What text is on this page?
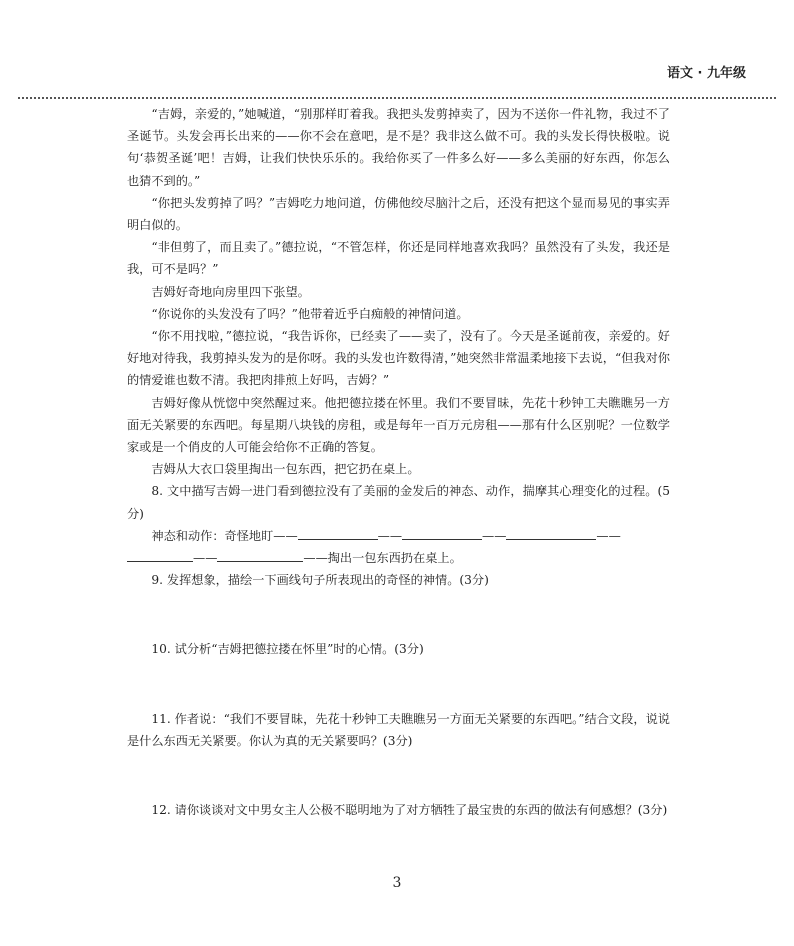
语文 · 九年级

“吉姆，亲爱的，”她喊道，“别那样盯着我。我把头发剪掉卖了，因为不送你一件礼物，我过不了圣诞节。头发会再长出来的——你不会在意吧，是不是？我非这么做不可。我的头发长得快极啦。说句‘恭贺圣诞’吧！吉姆，让我们快快乐乐的。我给你买了一件多么好——多么美丽的好东西，你怎么也猜不到的。”

“你把头发剪掉了吗？”吉姆吃力地问道，仿佛他绞尽脑汁之后，还没有把这个显而易见的事实弄明白似的。

“非但剪了，而且卖了。”德拉说，“不管怎样，你还是同样地喜欢我吗？虽然没有了头发，我还是我，可不是吗？”

吉姆好奇地向房里四下张望。

“你说你的头发没有了吗？”他带着近乎白痴般的神情问道。

“你不用找啦，”德拉说，“我告诉你，已经卖了——卖了，没有了。今天是圣诞前夜，亲爱的。好好地对待我，我剪掉头发为的是你呀。我的头发也许数得清，”她突然非常温柔地接下去说，“但我对你的情爱谁也数不清。我把肉排煎上好吗，吉姆？”

吉姆好像从恍惚中突然醒过来。他把德拉搂在怀里。我们不要冒昧，先花十秒钟工夫瞧瞧另一方面无关紧要的东西吧。每星期八块钱的房租，或是每年一百万元房租——那有什么区别呢？一位数学家或是一个俏皮的人可能会给你不正确的答复。

吉姆从大衣口袋里掏出一包东西，把它扔在桌上。

8. 文中描写吉姆一进门看到德拉没有了美丽的金发后的神态、动作，揣摩其心理变化的过程。(5分)

神态和动作：奇怪地盯——	——	——	——

——	——掏出一包东西扔在桌上。

9. 发挥想象，描绘一下画线句子所表现出的奇怪的神情。(3分)

10. 试分析“吉姆把德拉搂在怀里”时的心情。(3分)

11. 作者说：“我们不要冒昧，先花十秒钟工夫瞧瞧另一方面无关紧要的东西吧。”结合文段，说说是什么东西无关紧要。你认为真的无关紧要吗？(3分)

12. 请你谈谈对文中男女主人公极不聪明地为了对方牺牲了最宝贵的东西的做法有何感想？(3分)

3
